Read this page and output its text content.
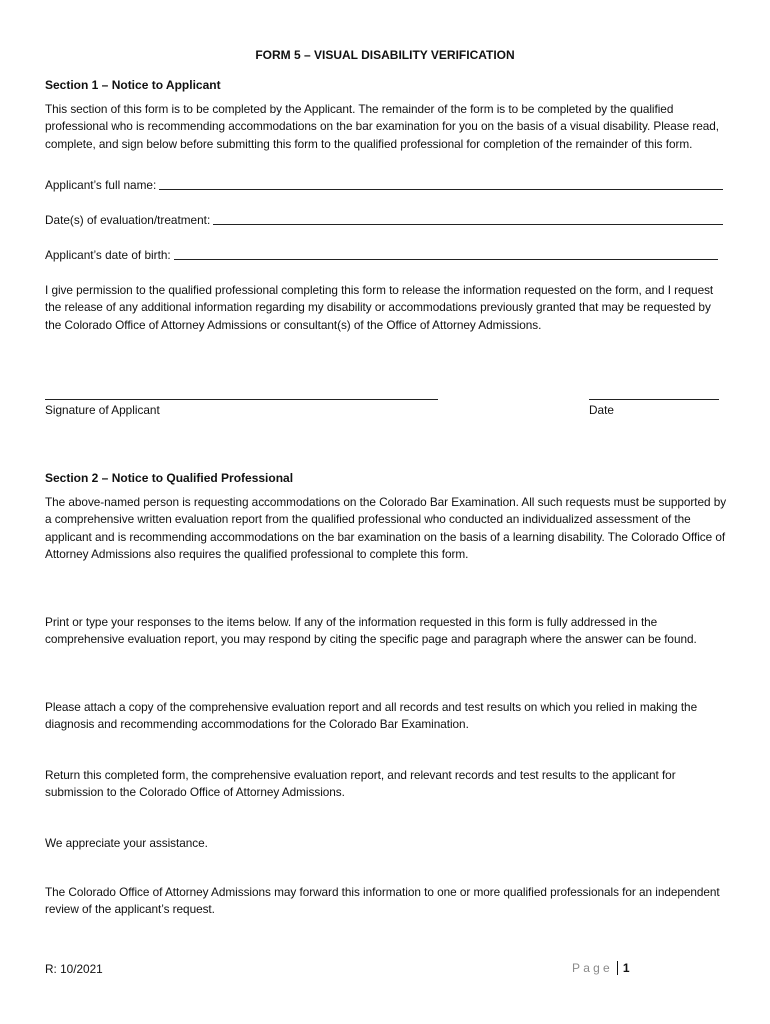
FORM 5 – VISUAL DISABILITY VERIFICATION
Section 1 – Notice to Applicant
This section of this form is to be completed by the Applicant. The remainder of the form is to be completed by the qualified professional who is recommending accommodations on the bar examination for you on the basis of a visual disability. Please read, complete, and sign below before submitting this form to the qualified professional for completion of the remainder of this form.
Applicant’s full name:
Date(s) of evaluation/treatment:
Applicant’s date of birth:
I give permission to the qualified professional completing this form to release the information requested on the form, and I request the release of any additional information regarding my disability or accommodations previously granted that may be requested by the Colorado Office of Attorney Admissions or consultant(s) of the Office of Attorney Admissions.
Signature of Applicant	Date
Section 2 – Notice to Qualified Professional
The above-named person is requesting accommodations on the Colorado Bar Examination. All such requests must be supported by a comprehensive written evaluation report from the qualified professional who conducted an individualized assessment of the applicant and is recommending accommodations on the bar examination on the basis of a learning disability. The Colorado Office of Attorney Admissions also requires the qualified professional to complete this form.
Print or type your responses to the items below. If any of the information requested in this form is fully addressed in the comprehensive evaluation report, you may respond by citing the specific page and paragraph where the answer can be found.
Please attach a copy of the comprehensive evaluation report and all records and test results on which you relied in making the diagnosis and recommending accommodations for the Colorado Bar Examination.
Return this completed form, the comprehensive evaluation report, and relevant records and test results to the applicant for submission to the Colorado Office of Attorney Admissions.
We appreciate your assistance.
The Colorado Office of Attorney Admissions may forward this information to one or more qualified professionals for an independent review of the applicant’s request.
R: 10/2021	Page 1
